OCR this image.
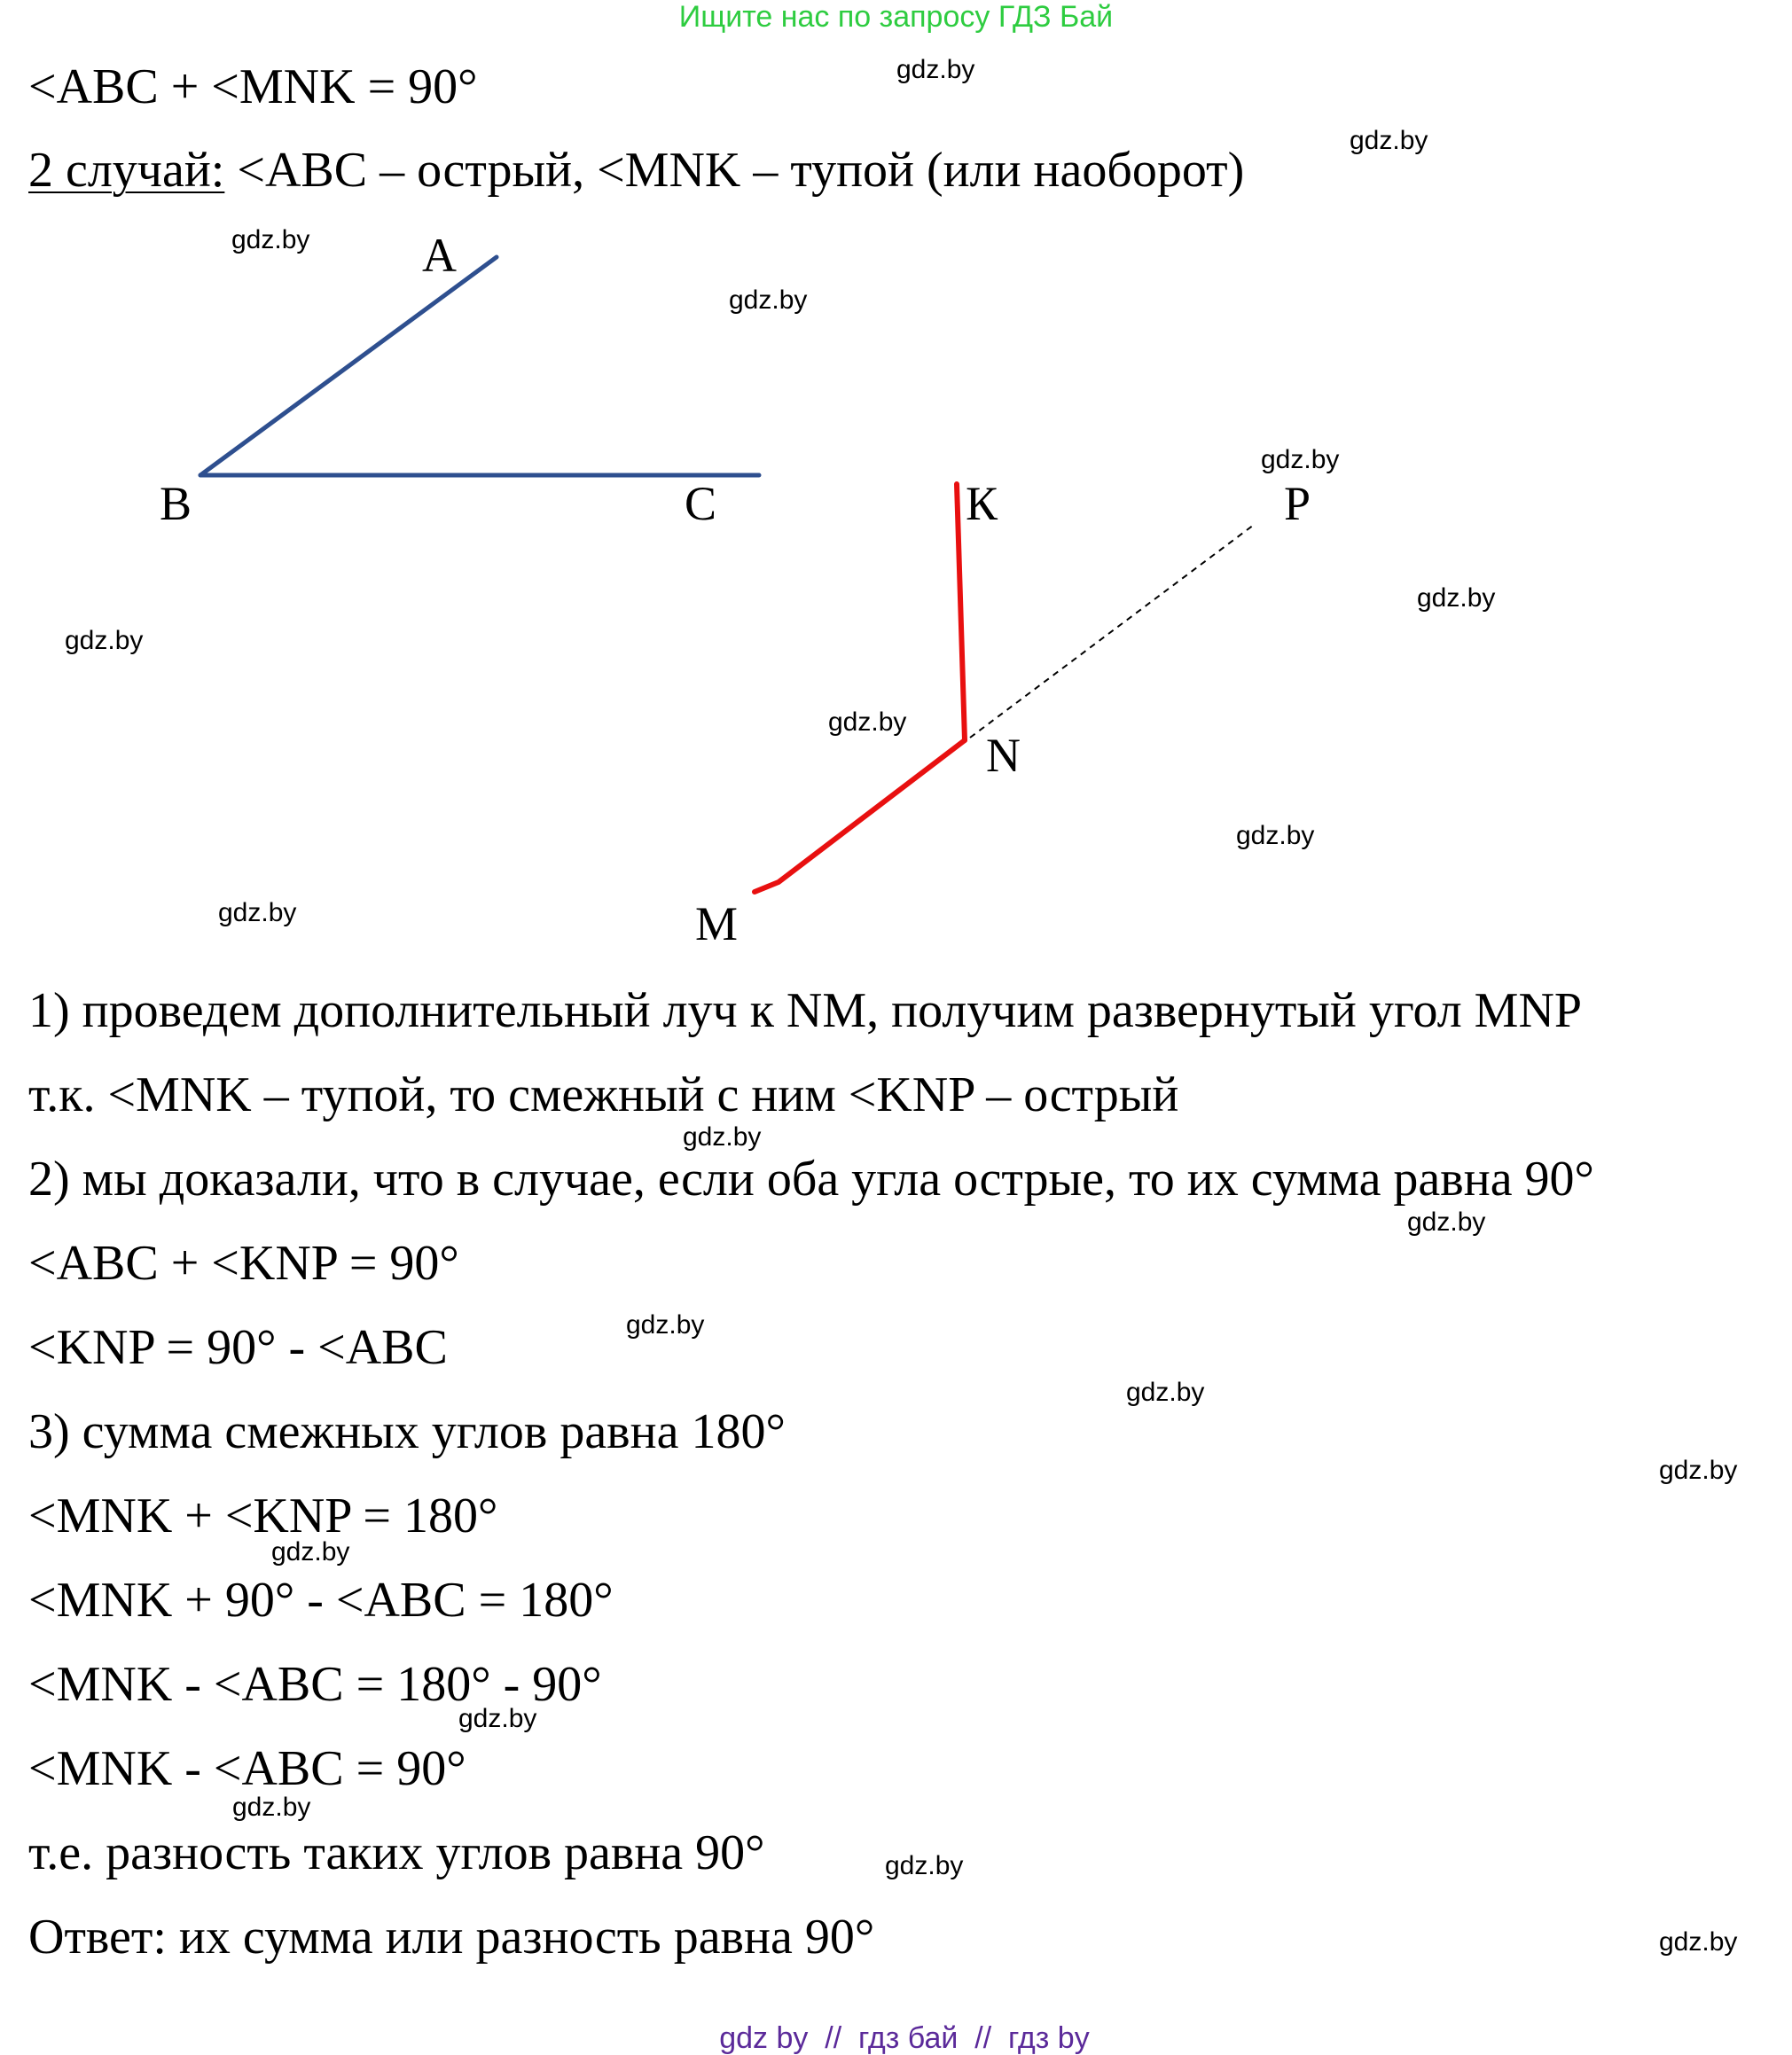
Ищите нас по запросу ГДЗ Бай
<ABC + <MNK = 90°
2 случай: <ABC – острый, <MNK – тупой (или наоборот)
A
B	C	К	P
N
M
1) проведем дополнительный луч к NM, получим развернутый угол MNP
т.к. <MNK – тупой, то смежный с ним <KNP – острый
2) мы доказали, что в случае, если оба угла острые, то их сумма равна 90°
<ABC + <KNP = 90°
<KNP = 90° - <ABC
3) сумма смежных углов равна 180°
<MNK + <KNP = 180°
<MNK + 90° - <ABC = 180°
<MNK - <ABC = 180° - 90°
<MNK - <ABC = 90°
т.е. разность таких углов равна 90°
Ответ: их сумма или разность равна 90°
gdz.by
gdz.by
gdz.by
gdz.by
gdz.by
gdz.by
gdz.by
gdz.by
gdz.by
gdz.by
gdz.by
gdz.by
gdz.by
gdz.by
gdz.by
gdz.by
gdz.by
gdz.by
gdz.by
gdz.by

gdz by  //  гдз бай  //  гдз by
